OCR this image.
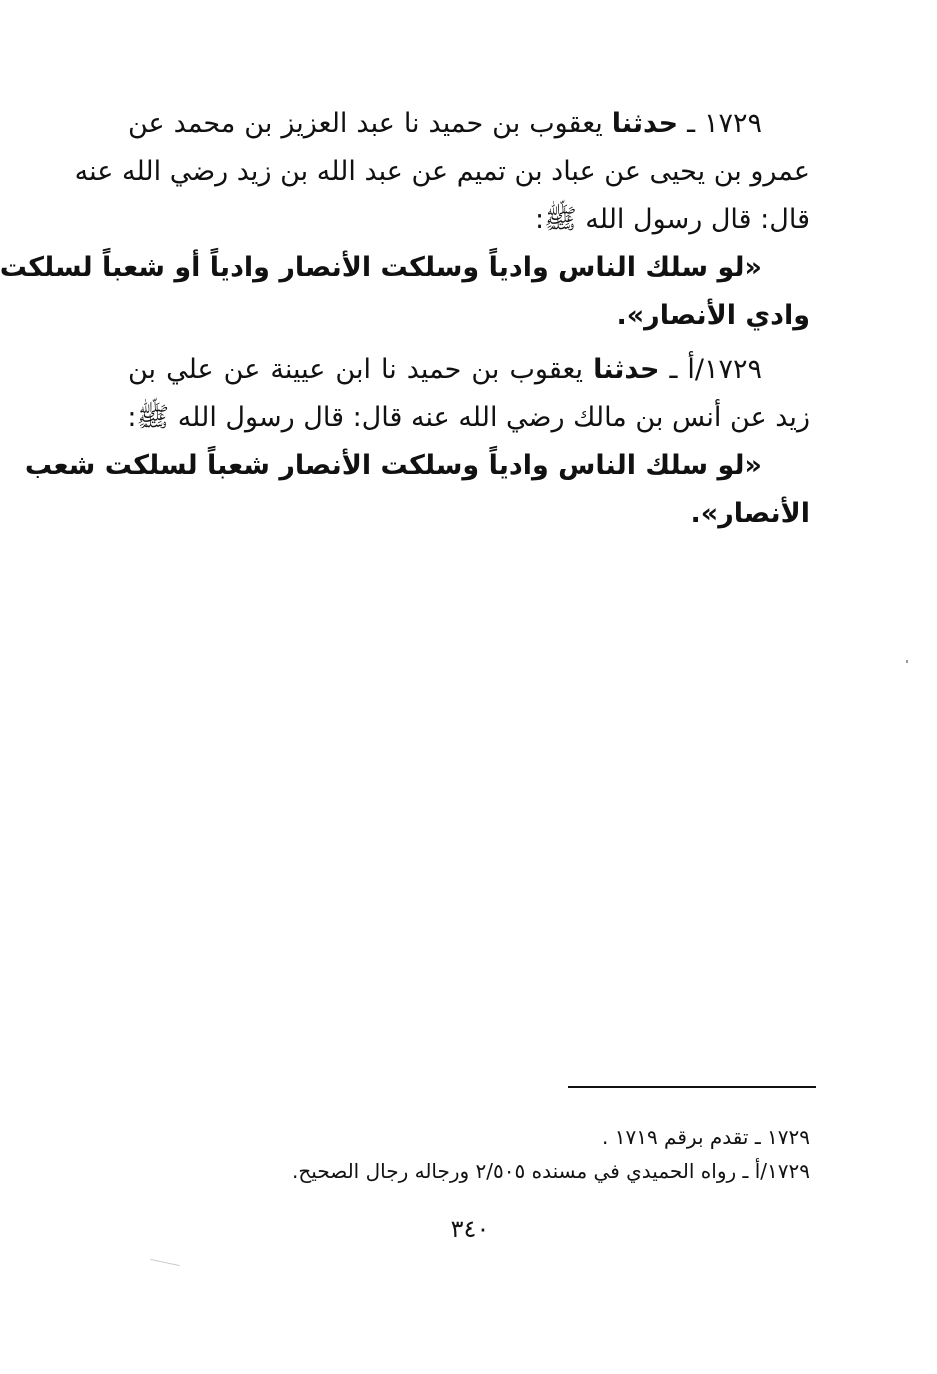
١٧٢٩ ـ حدثنا يعقوب بن حميد نا عبد العزيز بن محمد عن
عمرو بن يحيى عن عباد بن تميم عن عبد الله بن زيد رضي الله عنه
قال: قال رسول الله ﷺ:
«لو سلك الناس وادياً وسلكت الأنصار وادياً أو شعباً لسلكت
وادي الأنصار».
١٧٢٩/أ ـ حدثنا يعقوب بن حميد نا ابن عيينة عن علي بن
زيد عن أنس بن مالك رضي الله عنه قال: قال رسول الله ﷺ:
«لو سلك الناس وادياً وسلكت الأنصار شعباً لسلكت شعب
الأنصار».
١٧٢٩ ـ تقدم برقم ١٧١٩ .
١٧٢٩/أ ـ رواه الحميدي في مسنده ٢/٥٠٥ ورجاله رجال الصحيح.
٣٤٠
